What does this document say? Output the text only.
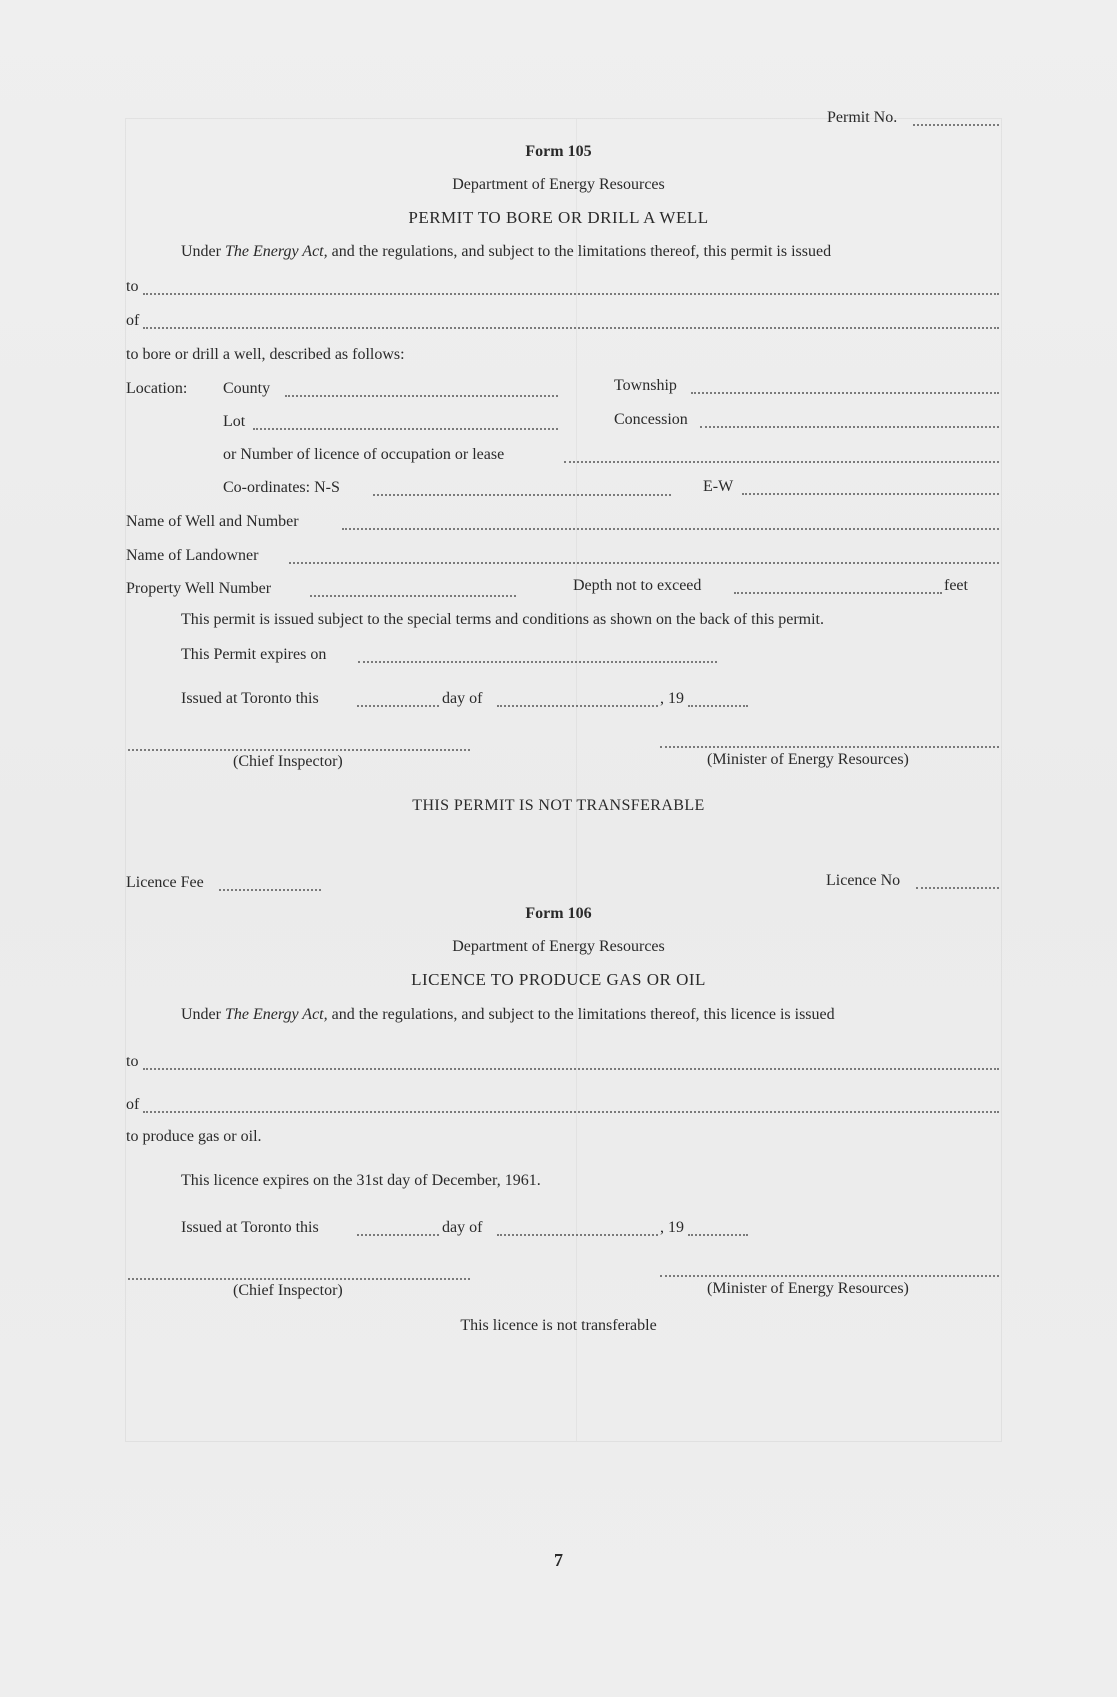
Permit No.
Form 105
Department of Energy Resources
PERMIT TO BORE OR DRILL A WELL
Under The Energy Act, and the regulations, and subject to the limitations thereof, this permit is issued
to
of
to bore or drill a well, described as follows:
Location: County	Township
Lot	Concession
or Number of licence of occupation or lease
Co-ordinates: N-S	E-W
Name of Well and Number
Name of Landowner
Property Well Number	Depth not to exceed	feet
This permit is issued subject to the special terms and conditions as shown on the back of this permit.
This Permit expires on
Issued at Toronto this	day of	, 19
(Chief Inspector)	(Minister of Energy Resources)
THIS PERMIT IS NOT TRANSFERABLE
Licence Fee	Licence No
Form 106
Department of Energy Resources
LICENCE TO PRODUCE GAS OR OIL
Under The Energy Act, and the regulations, and subject to the limitations thereof, this licence is issued
to
of
to produce gas or oil.
This licence expires on the 31st day of December, 1961.
Issued at Toronto this	day of	, 19
(Chief Inspector)	(Minister of Energy Resources)
This licence is not transferable
7
